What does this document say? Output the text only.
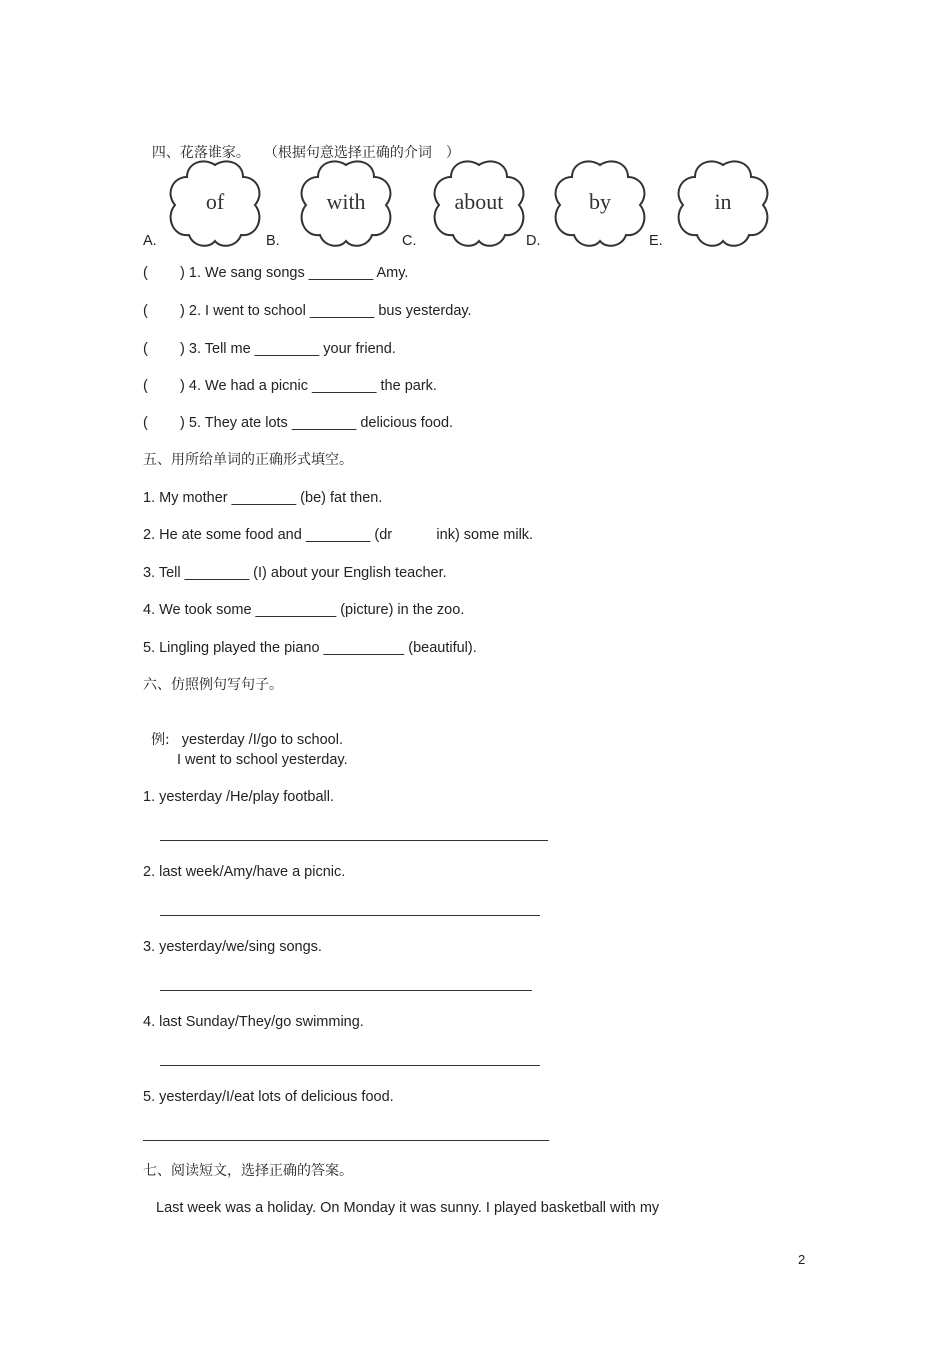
四、花落谁家。 （根据句意选择正确的介词　）

A.
of
B.
with
C.
about
D.
by
E.
in
(        ) 1. We sang songs ________ Amy.
(        ) 2. I went to school ________ bus yesterday.
(        ) 3. Tell me ________ your friend.
(        ) 4. We had a picnic ________ the park.
(        ) 5. They ate lots ________ delicious food.
五、用所给单词的正确形式填空。
1. My mother ________ (be) fat then.
2. He ate some food and ________ (dr           ink) some milk.
3. Tell ________ (I) about your English teacher.
4. We took some __________ (picture) in the zoo.
5. Lingling played the piano __________ (beautiful).
六、仿照例句写句子。

例: yesterday /I/go to school.

I went to school yesterday.
1. yesterday /He/play football.
2. last week/Amy/have a picnic.
3. yesterday/we/sing songs.
4. last Sunday/They/go swimming.
5. yesterday/I/eat lots of delicious food.
七、阅读短文，选择正确的答案。
Last week was a holiday. On Monday it was sunny. I played basketball with my
2
